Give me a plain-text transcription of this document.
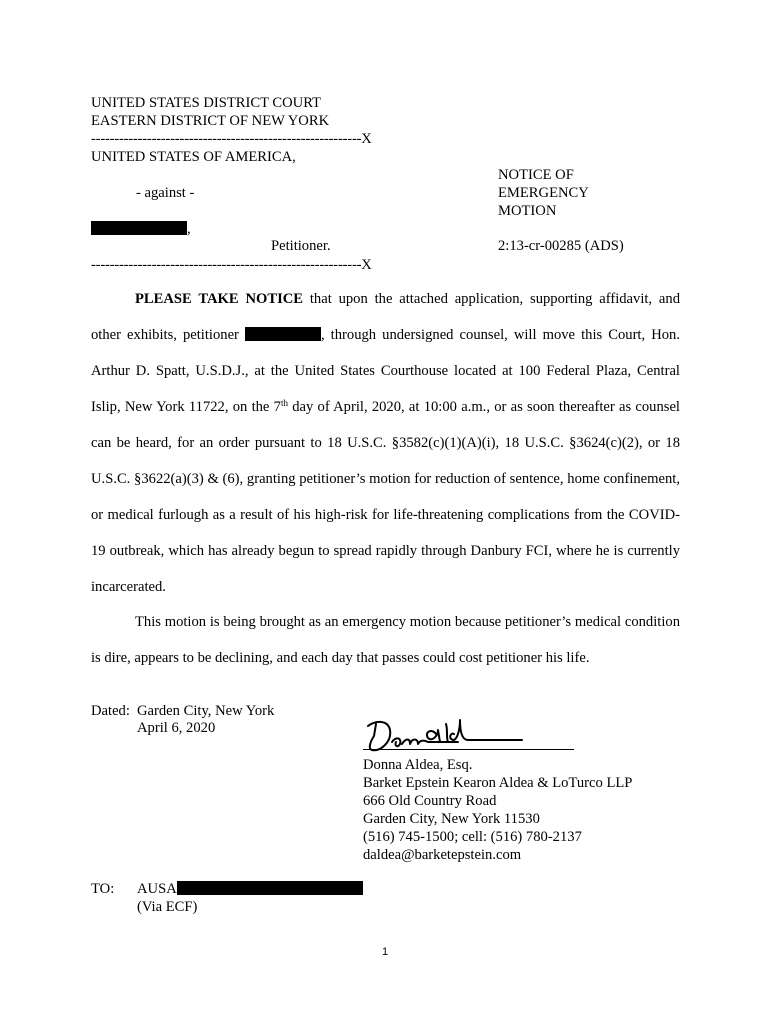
UNITED STATES DISTRICT COURT
EASTERN DISTRICT OF NEW YORK
----------------------------------------------------------X
UNITED STATES OF AMERICA,
- against -
,
Petitioner.
----------------------------------------------------------X
NOTICE OF
EMERGENCY
MOTION
2:13-cr-00285 (ADS)
PLEASE TAKE NOTICE that upon the attached application, supporting affidavit, and other exhibits, petitioner	, through undersigned counsel, will move this Court, Hon. Arthur D. Spatt, U.S.D.J., at the United States Courthouse located at 100 Federal Plaza, Central Islip, New York 11722, on the 7th day of April, 2020, at 10:00 a.m., or as soon thereafter as counsel can be heard, for an order pursuant to 18 U.S.C. §3582(c)(1)(A)(i), 18 U.S.C. §3624(c)(2), or 18 U.S.C. §3622(a)(3) & (6), granting petitioner’s motion for reduction of sentence, home confinement, or medical furlough as a result of his high-risk for life-threatening complications from the COVID-19 outbreak, which has already begun to spread rapidly through Danbury FCI, where he is currently incarcerated.
This motion is being brought as an emergency motion because petitioner’s medical condition is dire, appears to be declining, and each day that passes could cost petitioner his life.
Dated: Garden City, New York
April 6, 2020
Donna Aldea, Esq.
Barket Epstein Kearon Aldea & LoTurco LLP
666 Old Country Road
Garden City, New York 11530
(516) 745-1500; cell: (516) 780-2137
daldea@barketepstein.com
TO: AUSA
(Via ECF)
1
